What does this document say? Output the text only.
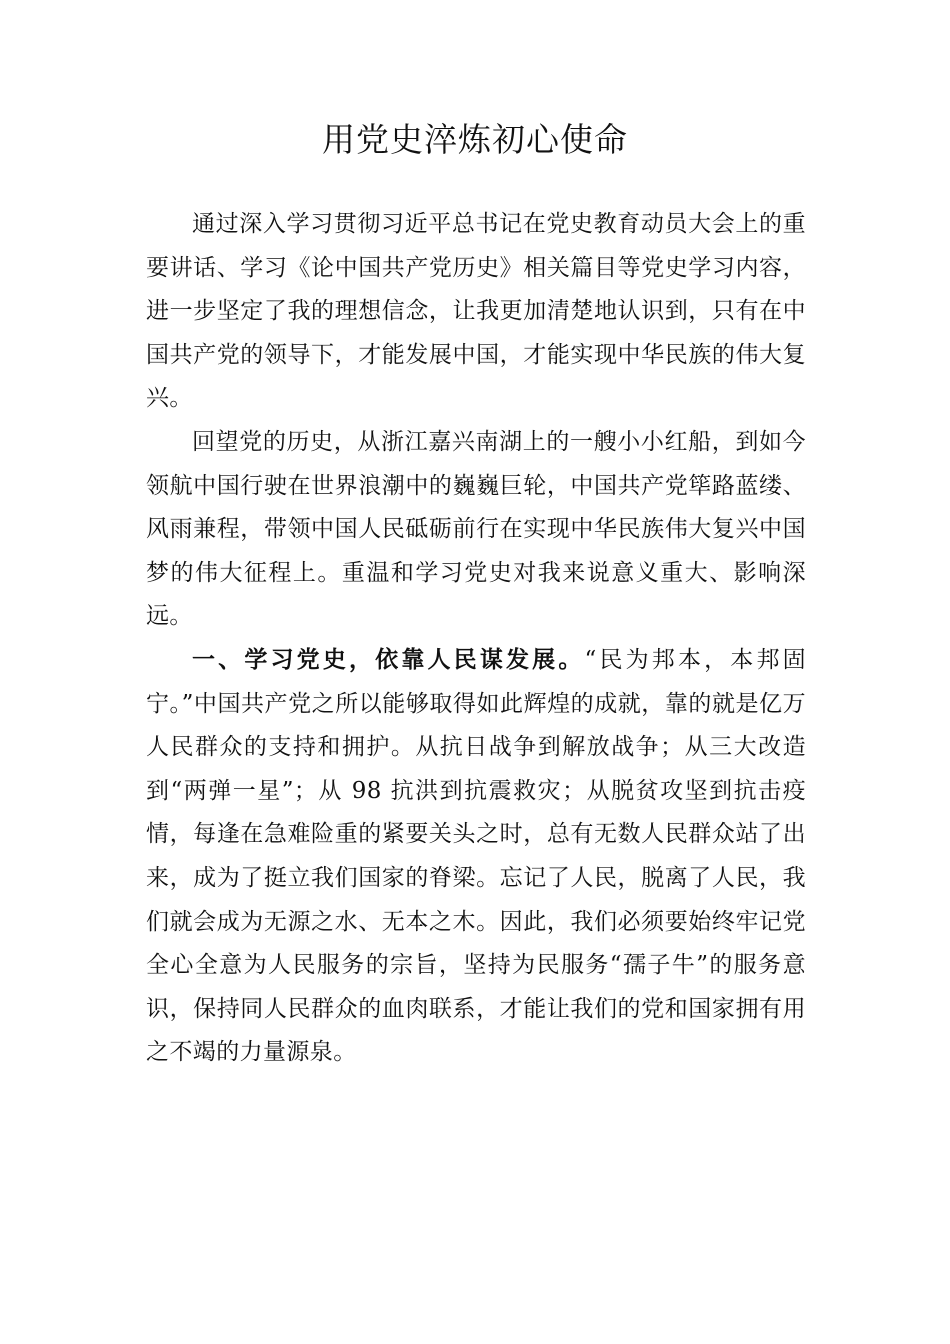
用党史淬炼初心使命

通过深入学习贯彻习近平总书记在党史教育动员大会上的重要讲话、学习《论中国共产党历史》相关篇目等党史学习内容，进一步坚定了我的理想信念，让我更加清楚地认识到，只有在中国共产党的领导下，才能发展中国，才能实现中华民族的伟大复兴。

回望党的历史，从浙江嘉兴南湖上的一艘小小红船，到如今领航中国行驶在世界浪潮中的巍巍巨轮，中国共产党筚路蓝缕、风雨兼程，带领中国人民砥砺前行在实现中华民族伟大复兴中国梦的伟大征程上。重温和学习党史对我来说意义重大、影响深远。

一、学习党史，依靠人民谋发展。“民为邦本，本邦固宁。”中国共产党之所以能够取得如此辉煌的成就，靠的就是亿万人民群众的支持和拥护。从抗日战争到解放战争；从三大改造到“两弹一星”；从 98 抗洪到抗震救灾；从脱贫攻坚到抗击疫情，每逢在急难险重的紧要关头之时，总有无数人民群众站了出来，成为了挺立我们国家的脊梁。忘记了人民，脱离了人民，我们就会成为无源之水、无本之木。因此，我们必须要始终牢记党全心全意为人民服务的宗旨，坚持为民服务“孺子牛”的服务意识，保持同人民群众的血肉联系，才能让我们的党和国家拥有用之不竭的力量源泉。
